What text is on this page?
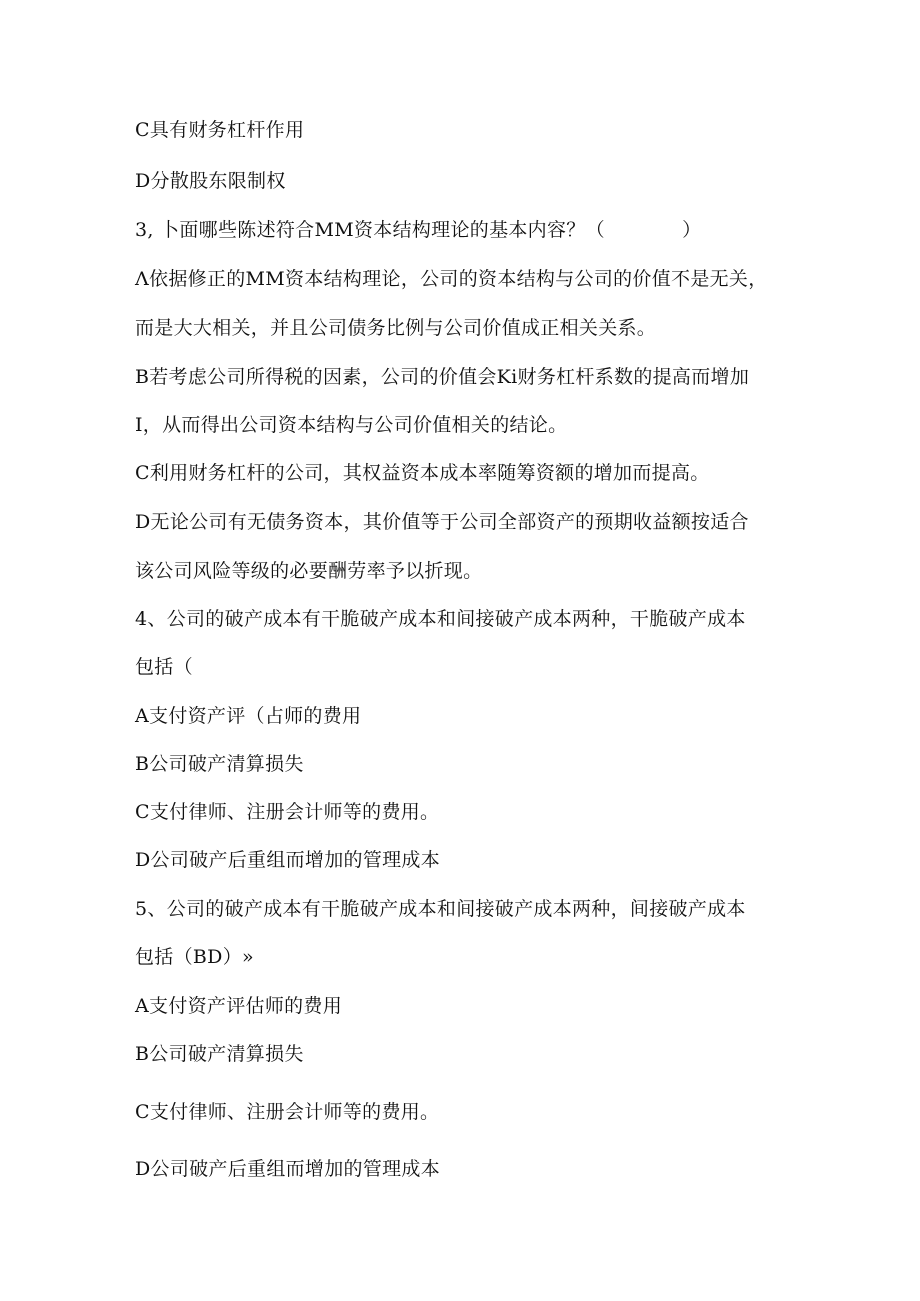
C具有财务杠杆作用
D分散股东限制权
3, 卜面哪些陈述符合MM资本结构理论的基本内容？（　　　　）
Λ依据修正的MM资本结构理论，公司的资本结构与公司的价值不是无关，
而是大大相关，并且公司债务比例与公司价值成正相关关系。
B若考虑公司所得税的因素，公司的价值会Ki财务杠杆系数的提高而增加
I，从而得出公司资本结构与公司价值相关的结论。
C利用财务杠杆的公司，其权益资本成本率随筹资额的增加而提高。
D无论公司有无债务资本，其价值等于公司全部资产的预期收益额按适合
该公司风险等级的必要酬劳率予以折现。
4、公司的破产成本有干脆破产成本和间接破产成本两种，干脆破产成本
包括（
A支付资产评（占师的费用
B公司破产清算损失
C支付律师、注册会计师等的费用。
D公司破产后重组而增加的管理成本
5、公司的破产成本有干脆破产成本和间接破产成本两种，间接破产成本
包括（BD）»
A支付资产评估师的费用
B公司破产清算损失
C支付律师、注册会计师等的费用。
D公司破产后重组而增加的管理成本
